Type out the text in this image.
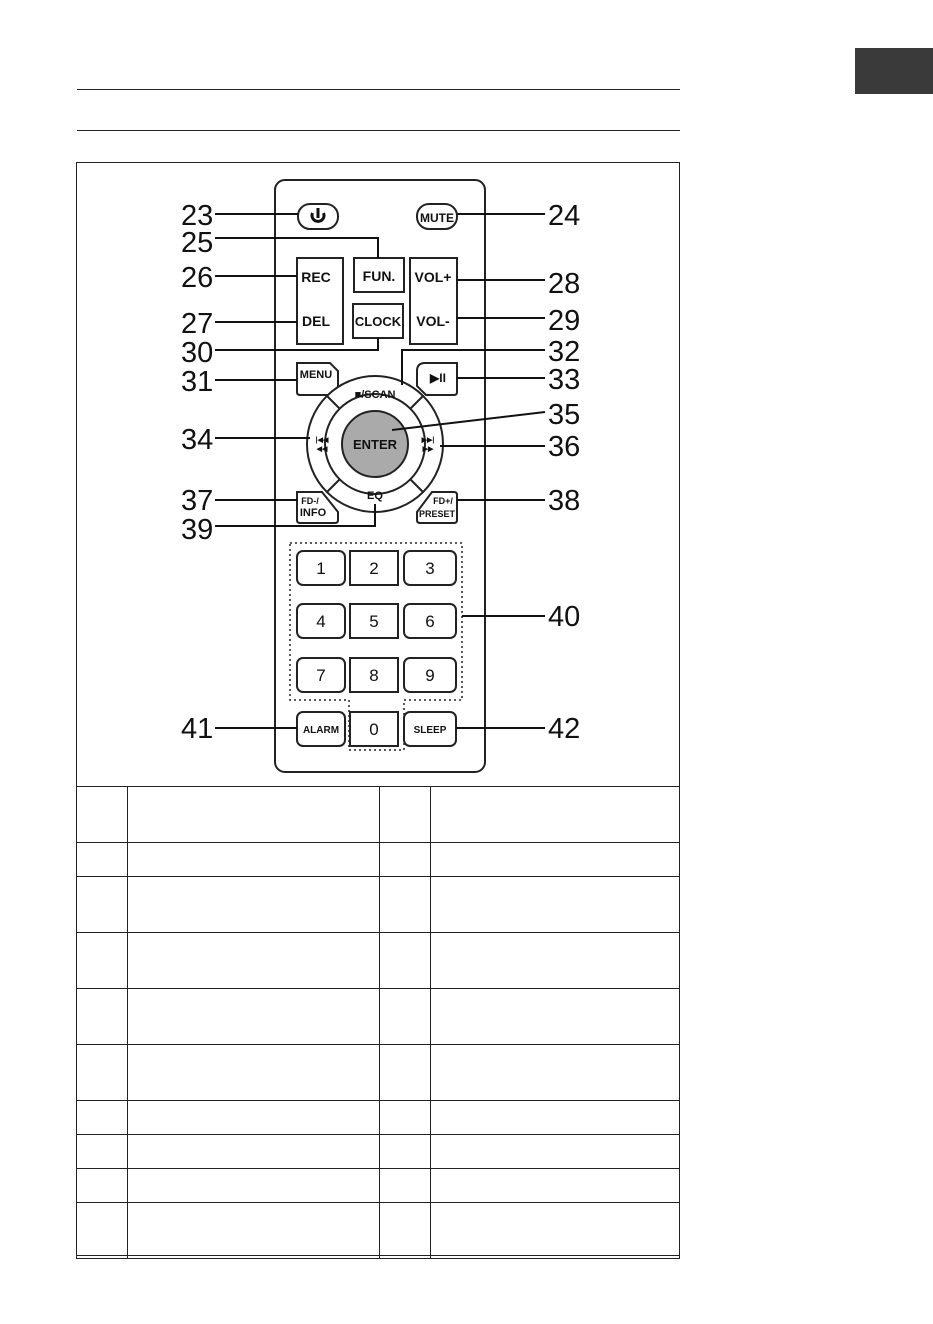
MUTE
FUN.
REC
DEL
VOL+
VOL-
CLOCK
MENU	▶II
ENTER
■/SCAN
EQ
|◀◀
◀◀
▶▶|
▶▶
FD-/
INFO
FD+/
PRESET
1	2	3
4	5	6
7	8	9
0
ALARM	SLEEP
23	24
25
26
27
28
29
30
31
32
33
34
35
36
37	38
39
40
41	42
